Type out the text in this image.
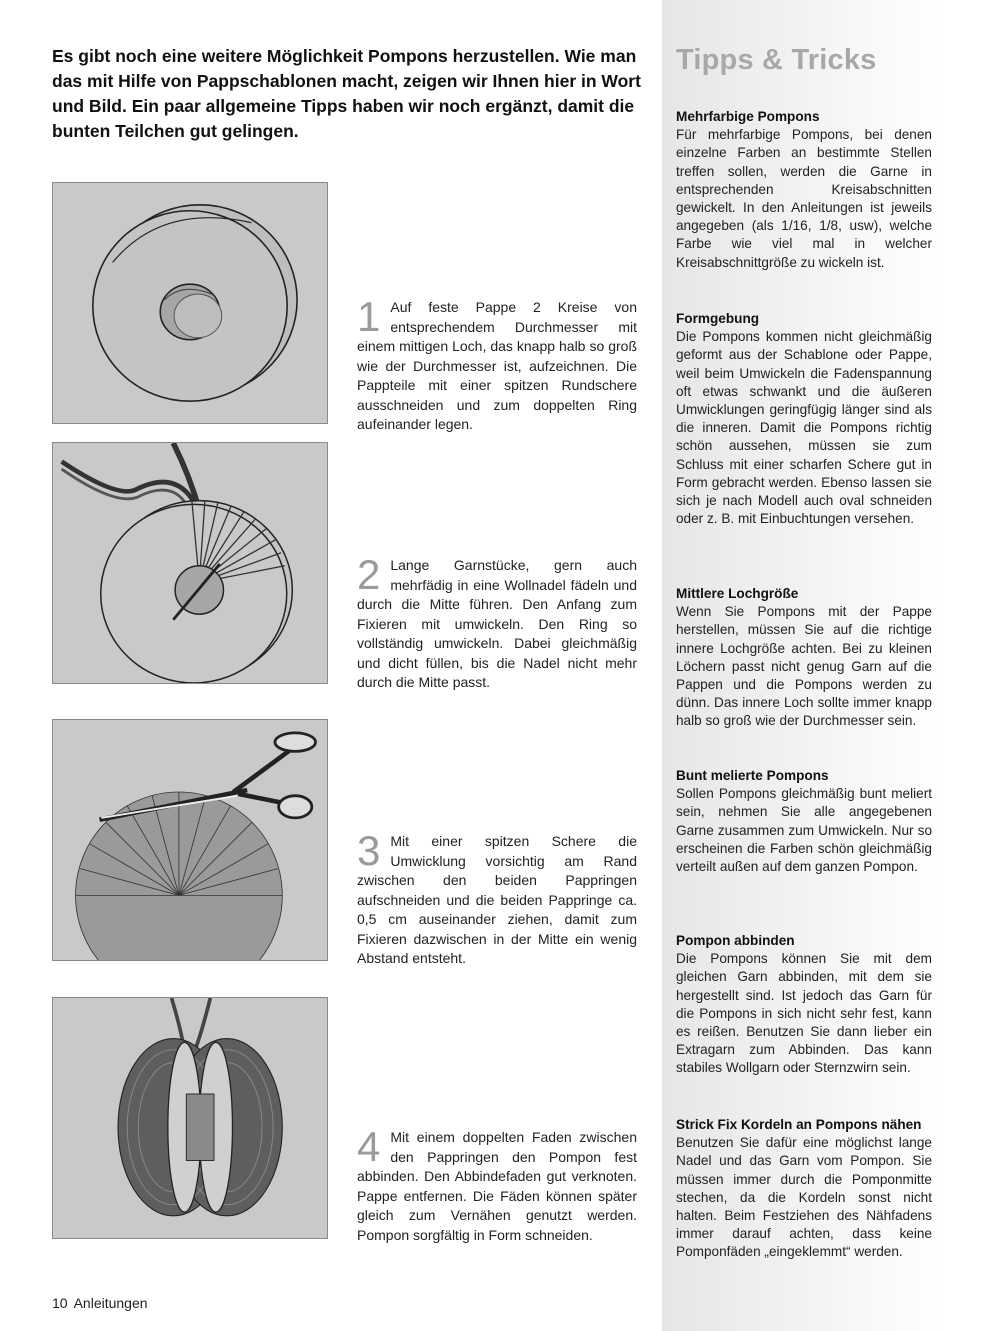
Es gibt noch eine weitere Möglichkeit Pompons herzustellen. Wie man das mit Hilfe von Pappschablonen macht, zeigen wir Ihnen hier in Wort und Bild. Ein paar allgemeine Tipps haben wir noch ergänzt, damit die bunten Teilchen gut gelingen.
1 Auf feste Pappe 2 Kreise von entsprechendem Durchmesser mit einem mittigen Loch, das knapp halb so groß wie der Durchmesser ist, aufzeichnen. Die Pappteile mit einer spitzen Rundschere ausschneiden und zum doppelten Ring aufeinander legen.
2 Lange Garnstücke, gern auch mehrfädig in eine Wollnadel fädeln und durch die Mitte führen. Den Anfang zum Fixieren mit umwickeln. Den Ring so vollständig umwickeln. Dabei gleichmäßig und dicht füllen, bis die Nadel nicht mehr durch die Mitte passt.
3 Mit einer spitzen Schere die Umwicklung vorsichtig am Rand zwischen den beiden Pappringen aufschneiden und die beiden Pappringe ca. 0,5 cm auseinander ziehen, damit zum Fixieren dazwischen in der Mitte ein wenig Abstand entsteht.
4 Mit einem doppelten Faden zwischen den Pappringen den Pompon fest abbinden. Den Abbindefaden gut verknoten. Pappe entfernen. Die Fäden können später gleich zum Vernähen genutzt werden. Pompon sorgfältig in Form schneiden.
Tipps & Tricks
Mehrfarbige Pompons

Für mehrfarbige Pompons, bei denen einzelne Farben an bestimmte Stellen treffen sollen, werden die Garne in entsprechenden Kreisabschnitten gewickelt. In den Anleitungen ist jeweils angegeben (als 1/16, 1/8, usw), welche Farbe wie viel mal in welcher Kreisabschnittgröße zu wickeln ist.

Formgebung

Die Pompons kommen nicht gleichmäßig geformt aus der Schablone oder Pappe, weil beim Umwickeln die Fadenspannung oft etwas schwankt und die äußeren Umwicklungen geringfügig länger sind als die inneren. Damit die Pompons richtig schön aussehen, müssen sie zum Schluss mit einer scharfen Schere gut in Form gebracht werden. Ebenso lassen sie sich je nach Modell auch oval schneiden oder z. B. mit Einbuchtungen versehen.

Mittlere Lochgröße

Wenn Sie Pompons mit der Pappe herstellen, müssen Sie auf die richtige innere Lochgröße achten. Bei zu kleinen Löchern passt nicht genug Garn auf die Pappen und die Pompons werden zu dünn. Das innere Loch sollte immer knapp halb so groß wie der Durchmesser sein.

Bunt melierte Pompons

Sollen Pompons gleichmäßig bunt meliert sein, nehmen Sie alle angegebenen Garne zusammen zum Umwickeln. Nur so erscheinen die Farben schön gleichmäßig verteilt außen auf dem ganzen Pompon.

Pompon abbinden

Die Pompons können Sie mit dem gleichen Garn abbinden, mit dem sie hergestellt sind. Ist jedoch das Garn für die Pompons in sich nicht sehr fest, kann es reißen. Benutzen Sie dann lieber ein Extragarn zum Abbinden. Das kann stabiles Wollgarn oder Sternzwirn sein.

Strick Fix Kordeln an Pompons nähen

Benutzen Sie dafür eine möglichst lange Nadel und das Garn vom Pompon. Sie müssen immer durch die Pomponmitte stechen, da die Kordeln sonst nicht halten. Beim Festziehen des Nähfadens immer darauf achten, dass keine Pomponfäden „eingeklemmt“ werden.

10 Anleitungen
